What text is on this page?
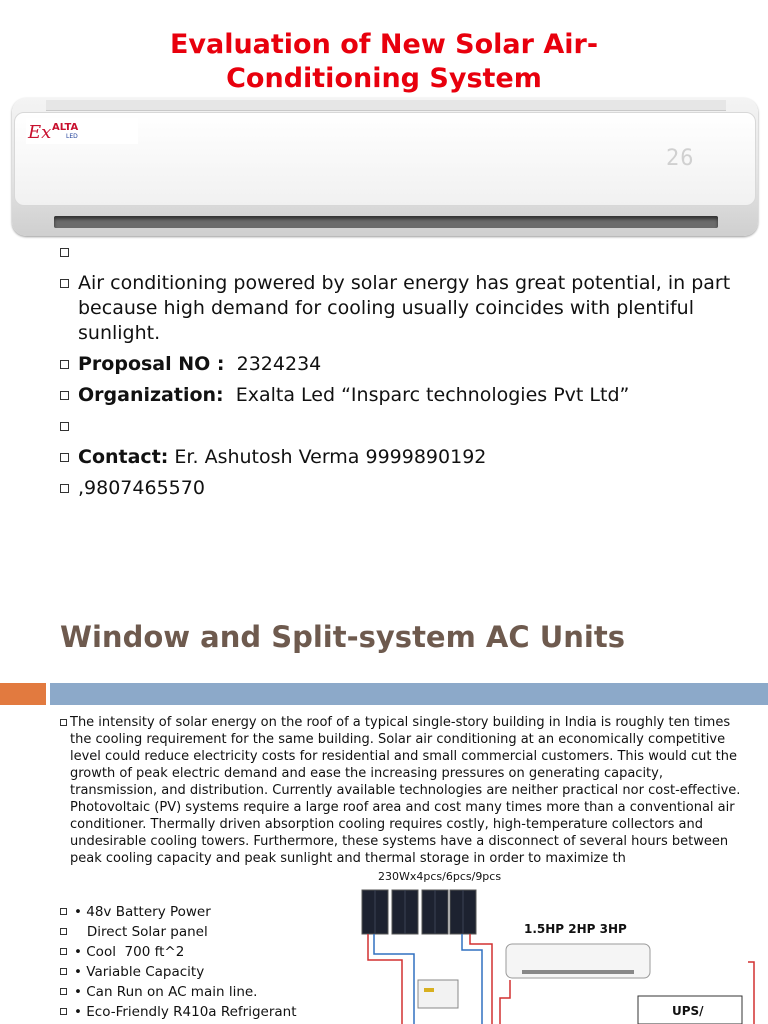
Evaluation of New Solar Air-Conditioning System
Ex ALTA
LED
26
Air conditioning powered by solar energy has great potential, in part because high demand for cooling usually coincides with plentiful sunlight.
Proposal NO : 2324234
Organization: Exalta Led “Insparc technologies Pvt Ltd”
Contact: Er. Ashutosh Verma 9999890192
,9807465570
Window and Split-system AC Units
The intensity of solar energy on the roof of a typical single-story building in India is roughly ten times the cooling requirement for the same building. Solar air conditioning at an economically competitive level could reduce electricity costs for residential and small commercial customers. This would cut the growth of peak electric demand and ease the increasing pressures on generating capacity, transmission, and distribution. Currently available technologies are neither practical nor cost-effective. Photovoltaic (PV) systems require a large roof area and cost many times more than a conventional air conditioner. Thermally driven absorption cooling requires costly, high-temperature collectors and undesirable cooling towers. Furthermore, these systems have a disconnect of several hours between peak cooling capacity and peak sunlight and thermal storage in order to maximize th
• 48v Battery Power
Direct Solar panel
• Cool  700 ft^2
• Variable Capacity
• Can Run on AC main line.
• Eco-Friendly R410a Refrigerant
230Wx4pcs/6pcs/9pcs
1.5HP 2HP 3HP
UPS/
